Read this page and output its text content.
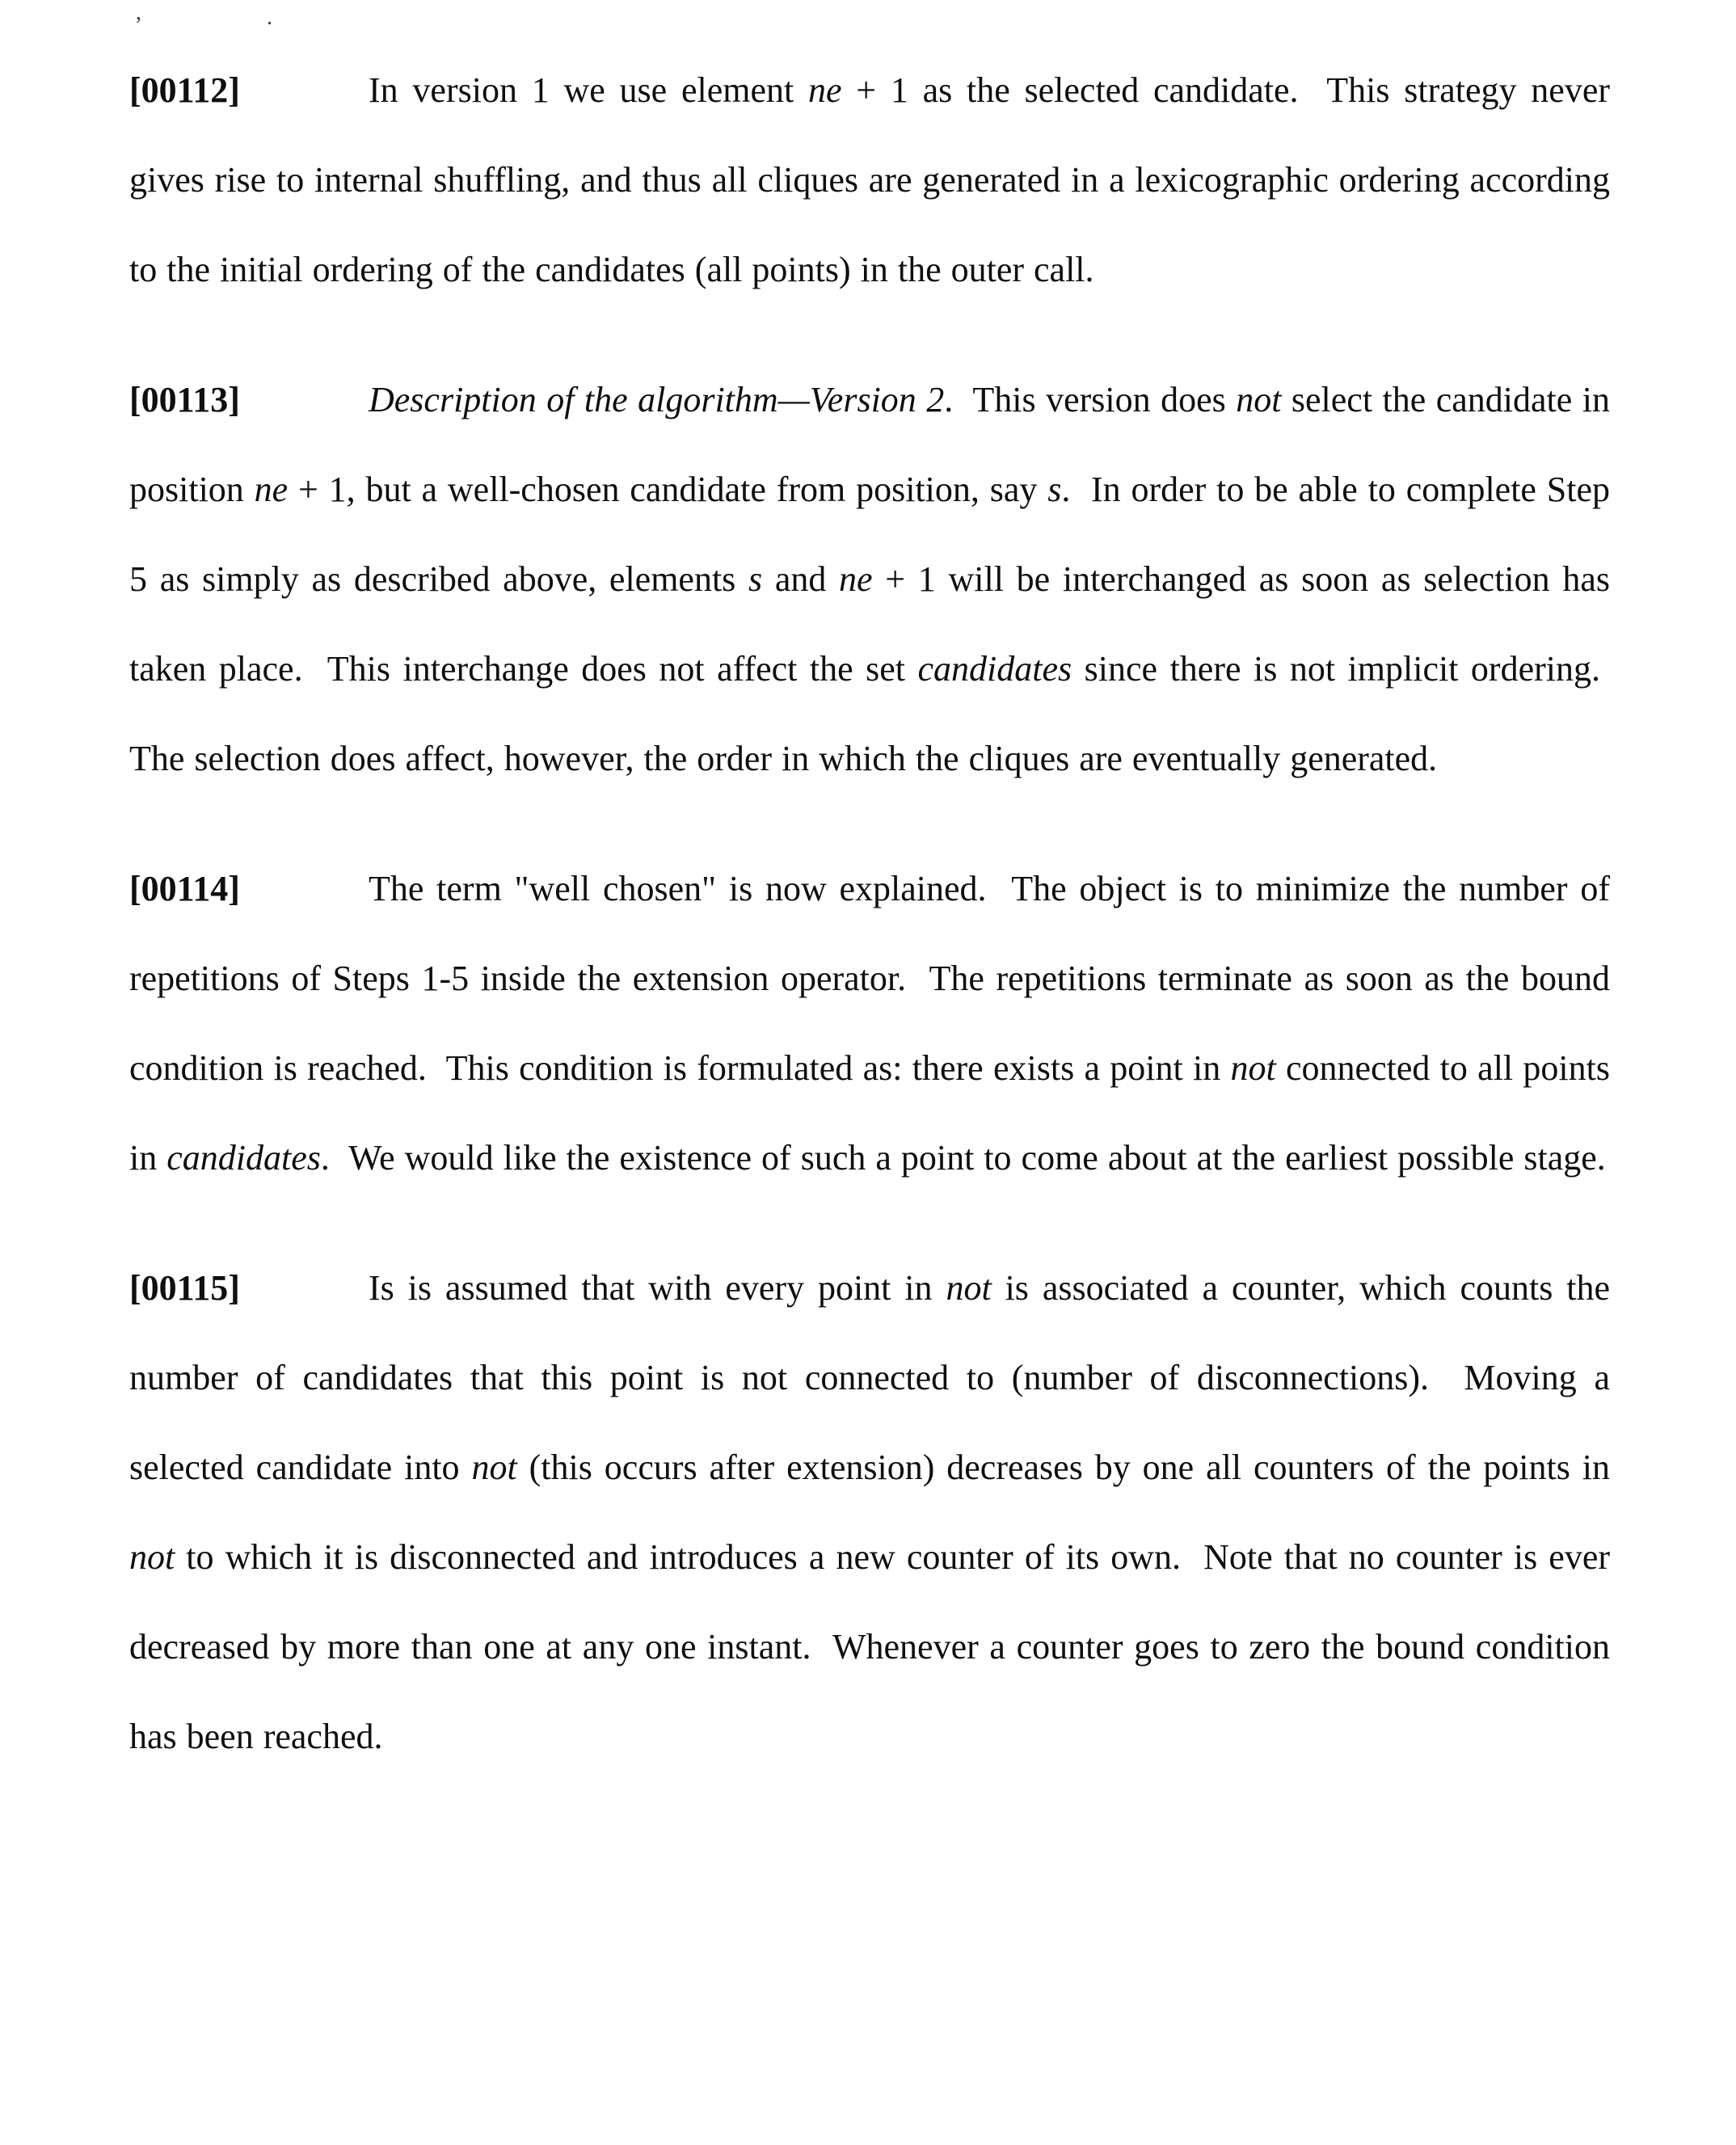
,	.

[00112]	In version 1 we use element ne + 1 as the selected candidate.  This strategy never gives rise to internal shuffling, and thus all cliques are generated in a lexicographic ordering according to the initial ordering of the candidates (all points) in the outer call.

[00113]	Description of the algorithm—Version 2.  This version does not select the candidate in position ne + 1, but a well-chosen candidate from position, say s.  In order to be able to complete Step 5 as simply as described above, elements s and ne + 1 will be interchanged as soon as selection has taken place.  This interchange does not affect the set candidates since there is not implicit ordering.  The selection does affect, however, the order in which the cliques are eventually generated.

[00114]	The term "well chosen" is now explained.  The object is to minimize the number of repetitions of Steps 1-5 inside the extension operator.  The repetitions terminate as soon as the bound condition is reached.  This condition is formulated as: there exists a point in not connected to all points in candidates.  We would like the existence of such a point to come about at the earliest possible stage.

[00115]	Is is assumed that with every point in not is associated a counter, which counts the number of candidates that this point is not connected to (number of disconnections).  Moving a selected candidate into not (this occurs after extension) decreases by one all counters of the points in not to which it is disconnected and introduces a new counter of its own.  Note that no counter is ever decreased by more than one at any one instant.  Whenever a counter goes to zero the bound condition has been reached.
